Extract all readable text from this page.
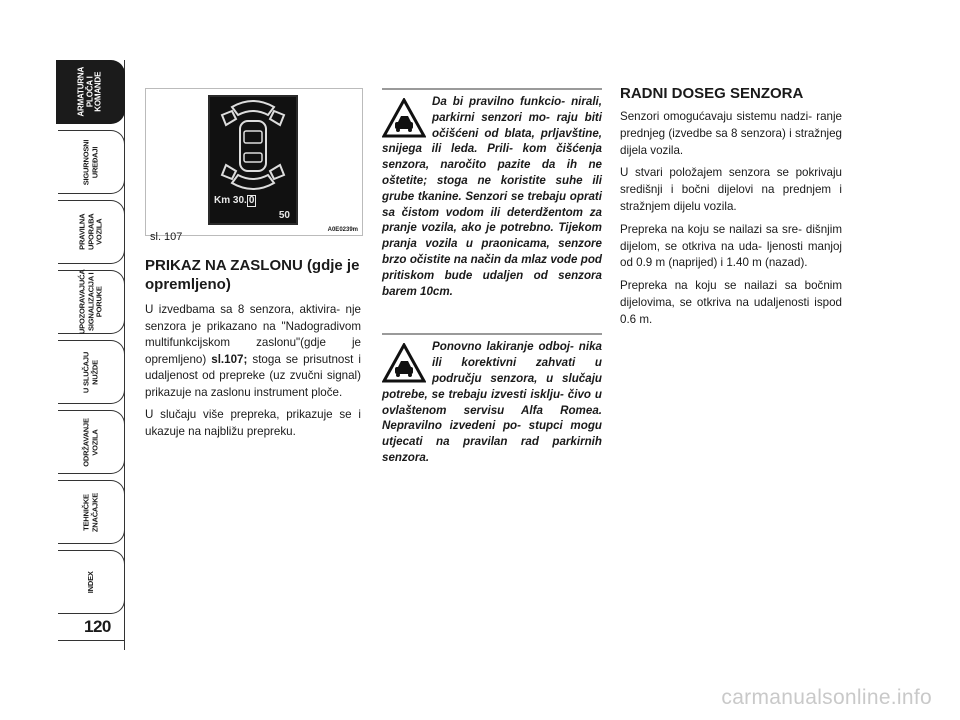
ARMATURNA
PLOČA I
KOMANDE
SIGURNOSNI
UREĐAJI
PRAVILNA
UPORABA
VOZILA
UPOZORAVAJUĆA
SIGNALIZACIJA I
PORUKE
U SLUČAJU
NUŽDE
ODRŽAVANJE
VOZILA
TEHNIČKE
ZNAČAJKE
INDEX
120
Km 30. 0
50
A0E0239m
sl. 107
PRIKAZ NA ZASLONU (gdje je opremljeno)

U izvedbama sa 8 senzora, aktivira- nje senzora je prikazano na "Nadogradivom multifunkcijskom zaslonu"(gdje je opremljeno) sl.107; stoga se prisutnost i udaljenost od prepreke (uz zvučni signal) prikazuje na zaslonu instrument ploče.

U slučaju više prepreka, prikazuje se i ukazuje na najbližu prepreku.

Da bi pravilno funkcio- nirali, parkirni senzori mo- raju biti očišćeni od blata, prljavštine, snijega ili leda. Prili- kom čišćenja senzora, naročito pazite da ih ne oštetite; stoga ne koristite suhe ili grube tkanine. Senzori se trebaju oprati sa čistom vodom ili deterdžentom za pranje vozila, ako je potrebno. Tijekom pranja vozila u praonicama, senzore brzo očistite na način da mlaz vode pod pritiskom bude udaljen od senzora barem 10cm.
Ponovno lakiranje odboj- nika ili korektivni zahvati u području senzora, u slučaju potrebe, se trebaju izvesti isklju- čivo u ovlaštenom servisu Alfa Romea. Nepravilno izvedeni po- stupci mogu utjecati na pravilan rad parkirnih senzora.
RADNI DOSEG SENZORA

Senzori omogućavaju sistemu nadzi- ranje prednjeg (izvedbe sa 8 senzora) i stražnjeg dijela vozila.

U stvari položajem senzora se pokrivaju središnji i bočni dijelovi na prednjem i stražnjem dijelu vozila.

Prepreka na koju se nailazi sa sre- dišnjim dijelom, se otkriva na uda- ljenosti manjoj od 0.9 m (naprijed) i 1.40 m (nazad).

Prepreka na koju se nailazi sa bočnim dijelovima, se otkriva na udaljenosti ispod 0.6 m.

carmanualsonline.info
